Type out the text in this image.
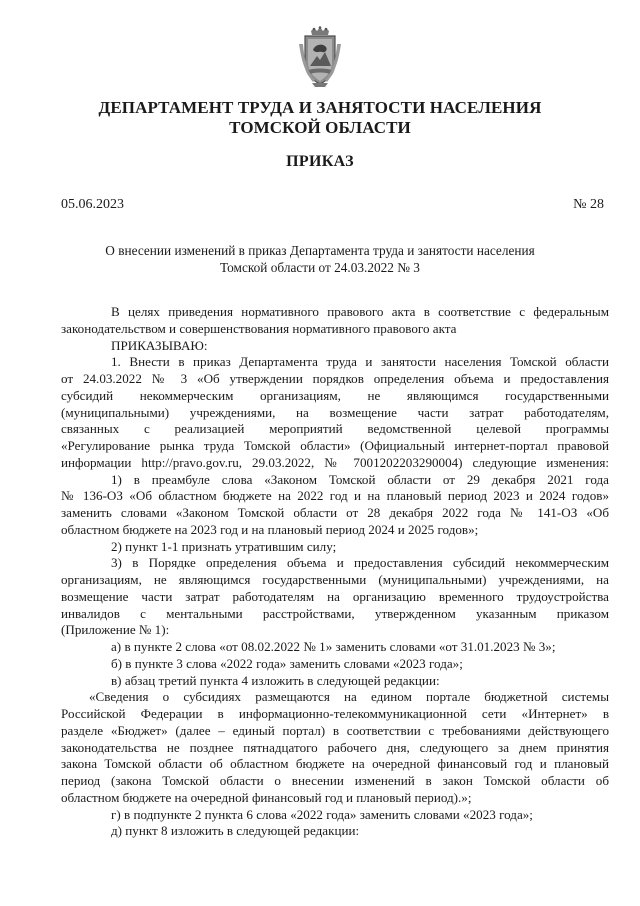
ДЕПАРТАМЕНТ ТРУДА И ЗАНЯТОСТИ НАСЕЛЕНИЯ
ТОМСКОЙ ОБЛАСТИ
ПРИКАЗ
05.06.2023	№ 28
О внесении изменений в приказ Департамента труда и занятости населения
Томской области от 24.03.2022 № 3

В целях приведения нормативного правового акта в соответствие с федеральным

законодательством и совершенствования нормативного правового акта

ПРИКАЗЫВАЮ:

1. Внести в приказ Департамента труда и занятости населения Томской области

от 24.03.2022 № 3 «Об утверждении порядков определения объема и предоставления

субсидий некоммерческим организациям, не являющимся государственными

(муниципальными) учреждениями, на возмещение части затрат работодателям,

связанных с реализацией мероприятий ведомственной целевой программы

«Регулирование рынка труда Томской области» (Официальный интернет-портал правовой

информации http://pravo.gov.ru, 29.03.2022, № 7001202203290004) следующие изменения:

1) в преамбуле слова «Законом Томской области от 29 декабря 2021 года

№ 136-ОЗ «Об областном бюджете на 2022 год и на плановый период 2023 и 2024 годов»

заменить словами «Законом Томской области от 28 декабря 2022 года № 141-ОЗ «Об

областном бюджете на 2023 год и на плановый период 2024 и 2025 годов»;

2) пункт 1-1 признать утратившим силу;

3) в Порядке определения объема и предоставления субсидий некоммерческим

организациям, не являющимся государственными (муниципальными) учреждениями, на

возмещение части затрат работодателям на организацию временного трудоустройства

инвалидов с ментальными расстройствами, утвержденном указанным приказом

(Приложение № 1):

а) в пункте 2 слова «от 08.02.2022 № 1» заменить словами «от 31.01.2023 № 3»;

б) в пункте 3 слова «2022 года» заменить словами «2023 года»;

в) абзац третий пункта 4 изложить в следующей редакции:

«Сведения о субсидиях размещаются на едином портале бюджетной системы

Российской Федерации в информационно-телекоммуникационной сети «Интернет» в

разделе «Бюджет» (далее – единый портал) в соответствии с требованиями действующего

законодательства не позднее пятнадцатого рабочего дня, следующего за днем принятия

закона Томской области об областном бюджете на очередной финансовый год и плановый

период (закона Томской области о внесении изменений в закон Томской области об

областном бюджете на очередной финансовый год и плановый период).»;

г) в подпункте 2 пункта 6 слова «2022 года» заменить словами «2023 года»;

д) пункт 8 изложить в следующей редакции:
